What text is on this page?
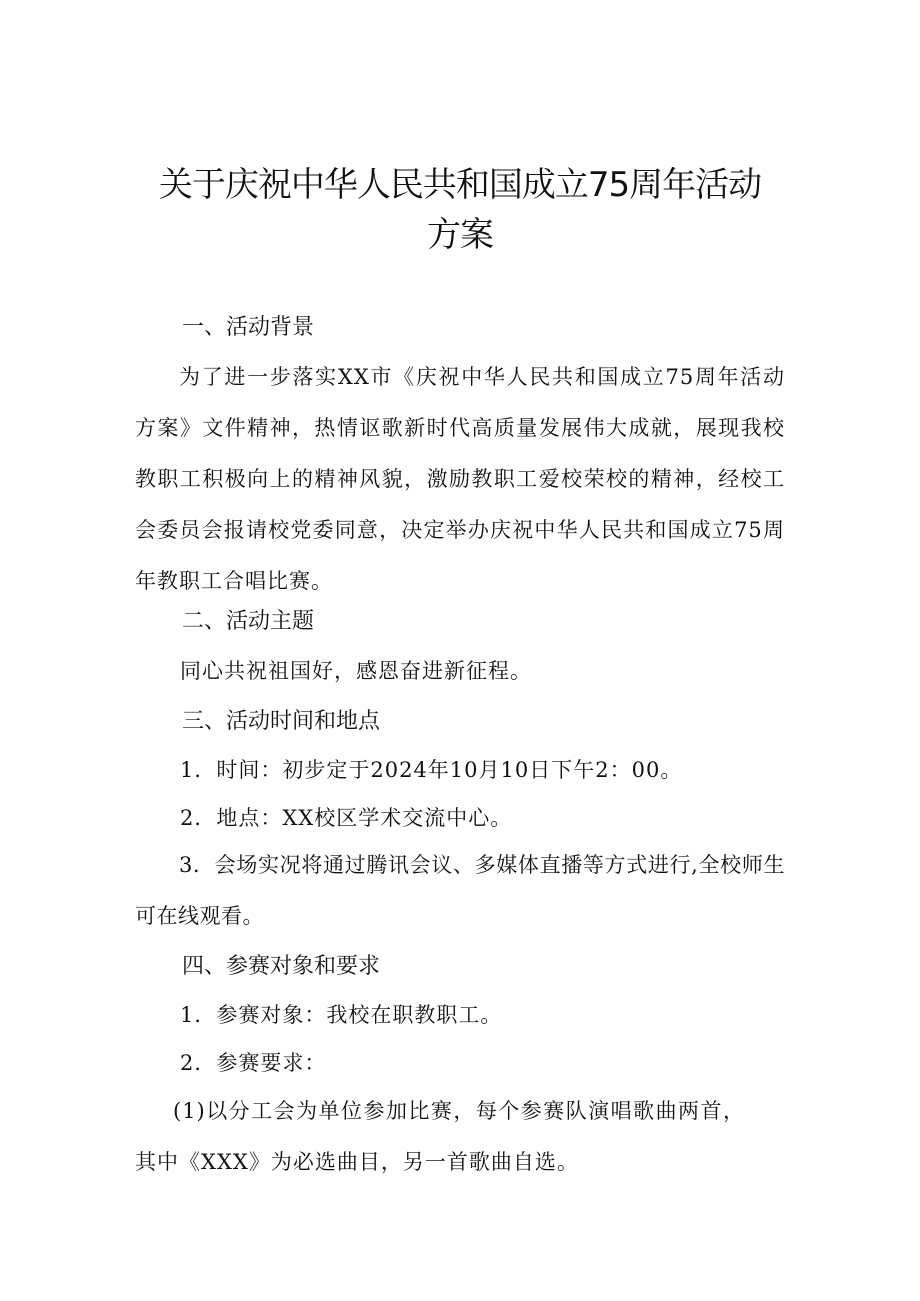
关于庆祝中华人民共和国成立75周年活动
方案
一、活动背景

为了进一步落实XX市《庆祝中华人民共和国成立75周年活动方案》文件精神，热情讴歌新时代高质量发展伟大成就，展现我校教职工积极向上的精神风貌，激励教职工爱校荣校的精神，经校工会委员会报请校党委同意，决定举办庆祝中华人民共和国成立75周年教职工合唱比赛。

二、活动主题

同心共祝祖国好，感恩奋进新征程。

三、活动时间和地点

1．时间：初步定于2024年10月10日下午2：00。

2．地点：XX校区学术交流中心。

3．会场实况将通过腾讯会议、多媒体直播等方式进行,全校师生可在线观看。

四、参赛对象和要求

1．参赛对象：我校在职教职工。

2．参赛要求：

(1)以分工会为单位参加比赛，每个参赛队演唱歌曲两首，其中《XXX》为必选曲目，另一首歌曲自选。
